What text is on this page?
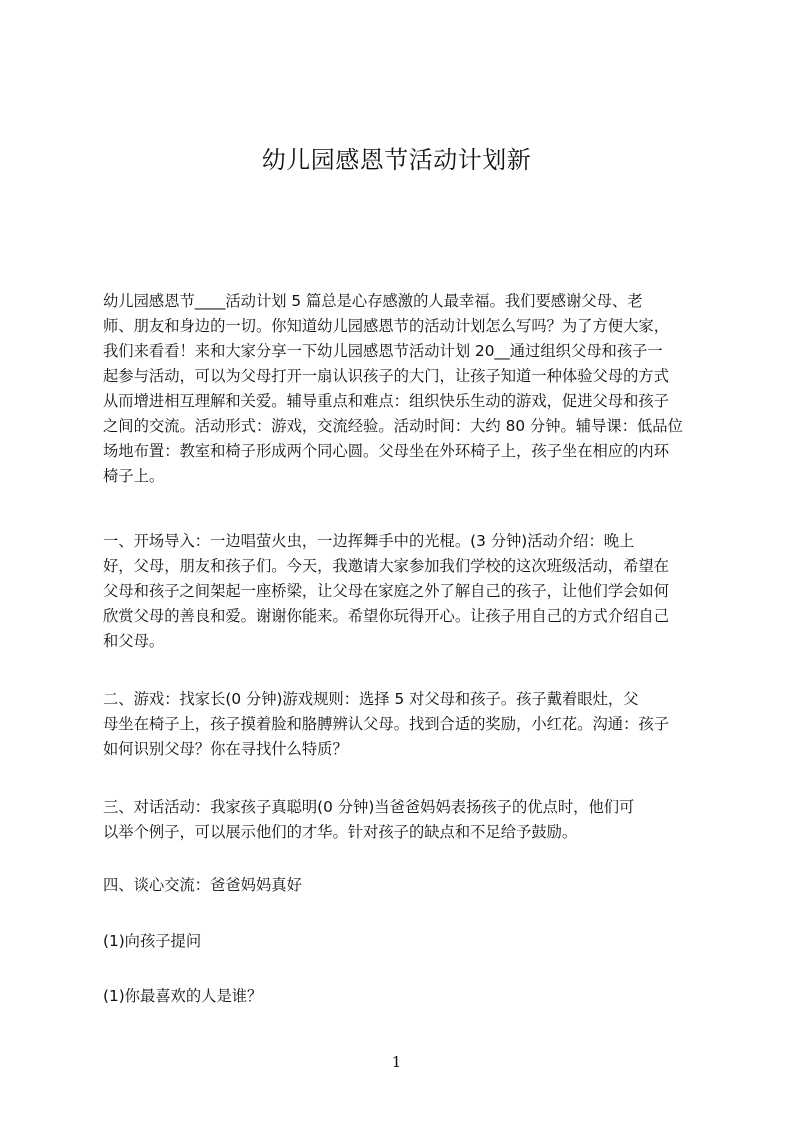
幼儿园感恩节活动计划新
幼儿园感恩节____活动计划 5 篇总是心存感激的人最幸福。我们要感谢父母、老
师、朋友和身边的一切。你知道幼儿园感恩节的活动计划怎么写吗？为了方便大家，
我们来看看！来和大家分享一下幼儿园感恩节活动计划 20__通过组织父母和孩子一
起参与活动，可以为父母打开一扇认识孩子的大门，让孩子知道一种体验父母的方式
从而增进相互理解和关爱。辅导重点和难点：组织快乐生动的游戏，促进父母和孩子
之间的交流。活动形式：游戏，交流经验。活动时间：大约 80 分钟。辅导课：低品位
场地布置：教室和椅子形成两个同心圆。父母坐在外环椅子上，孩子坐在相应的内环
椅子上。
一、开场导入：一边唱萤火虫，一边挥舞手中的光棍。(3 分钟)活动介绍：晚上
好，父母，朋友和孩子们。今天，我邀请大家参加我们学校的这次班级活动，希望在
父母和孩子之间架起一座桥梁，让父母在家庭之外了解自己的孩子，让他们学会如何
欣赏父母的善良和爱。谢谢你能来。希望你玩得开心。让孩子用自己的方式介绍自己
和父母。
二、游戏：找家长(0 分钟)游戏规则：选择 5 对父母和孩子。孩子戴着眼灶，父
母坐在椅子上，孩子摸着脸和胳膊辨认父母。找到合适的奖励，小红花。沟通：孩子
如何识别父母？你在寻找什么特质？
三、对话活动：我家孩子真聪明(0 分钟)当爸爸妈妈表扬孩子的优点时，他们可
以举个例子，可以展示他们的才华。针对孩子的缺点和不足给予鼓励。
四、谈心交流：爸爸妈妈真好
(1)向孩子提问
(1)你最喜欢的人是谁？
1
